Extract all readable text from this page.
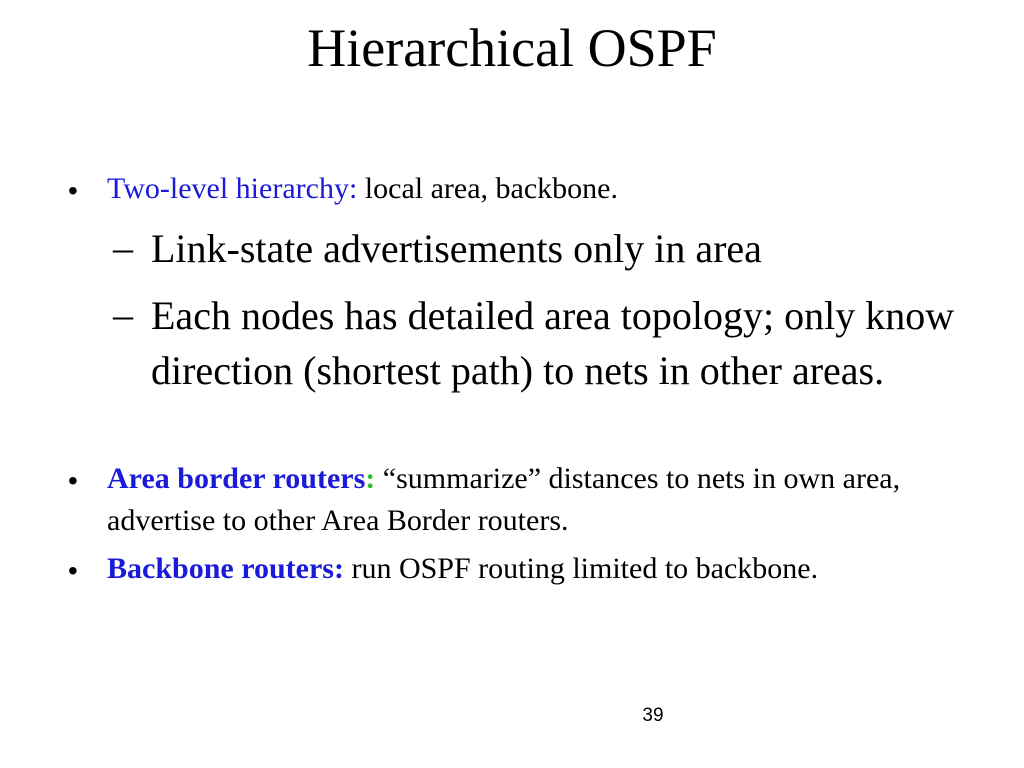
Hierarchical OSPF
• Two-level hierarchy: local area, backbone.
– Link-state advertisements only in area
– Each nodes has detailed area topology; only know direction (shortest path) to nets in other areas.
• Area border routers: “summarize” distances to nets in own area, advertise to other Area Border routers.
• Backbone routers: run OSPF routing limited to backbone.
39
